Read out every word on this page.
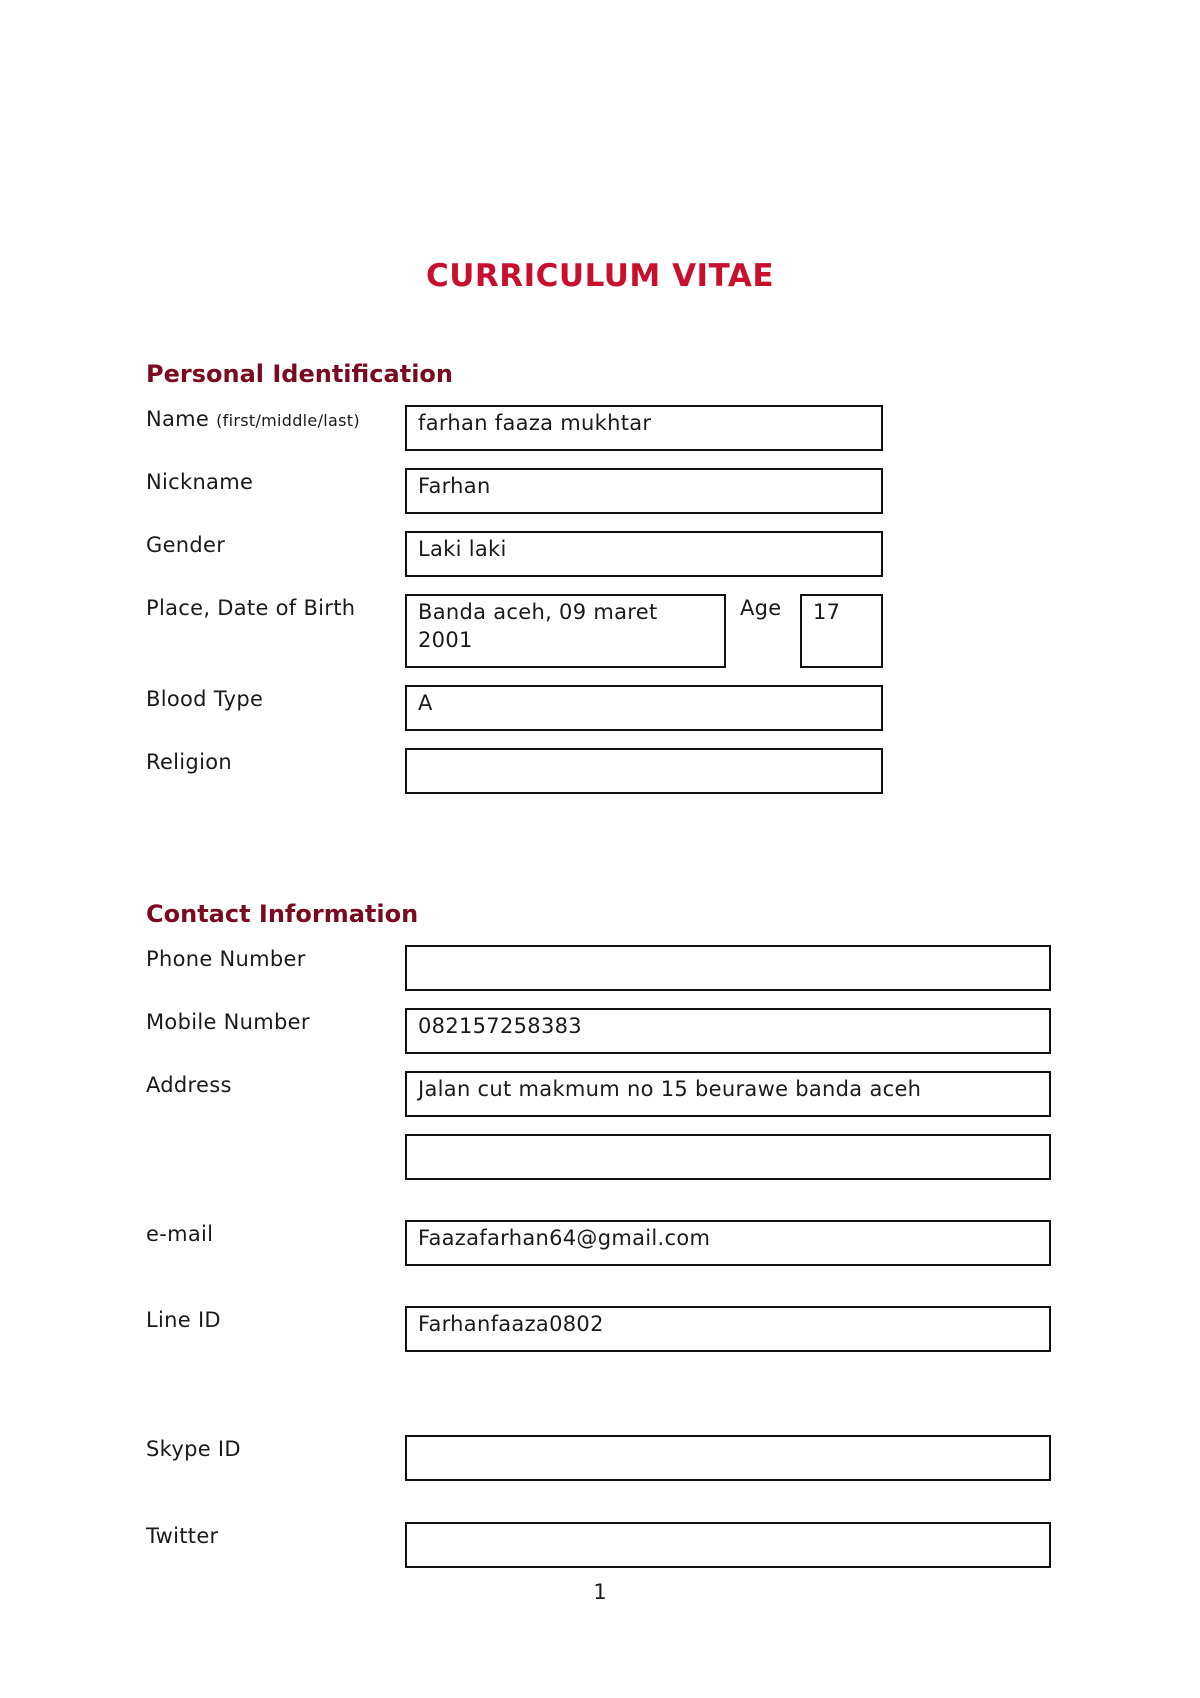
CURRICULUM VITAE
Personal Identification
Name (first/middle/last)	farhan faaza mukhtar
Nickname	Farhan
Gender	Laki laki
Place, Date of Birth	Banda aceh, 09 maret 2001
Age	17
Blood Type	A
Religion
Contact Information
Phone Number
Mobile Number	082157258383
Address	Jalan cut makmum no 15 beurawe banda aceh
e-mail	Faazafarhan64@gmail.com
Line ID	Farhanfaaza0802
Skype ID
Twitter
1
